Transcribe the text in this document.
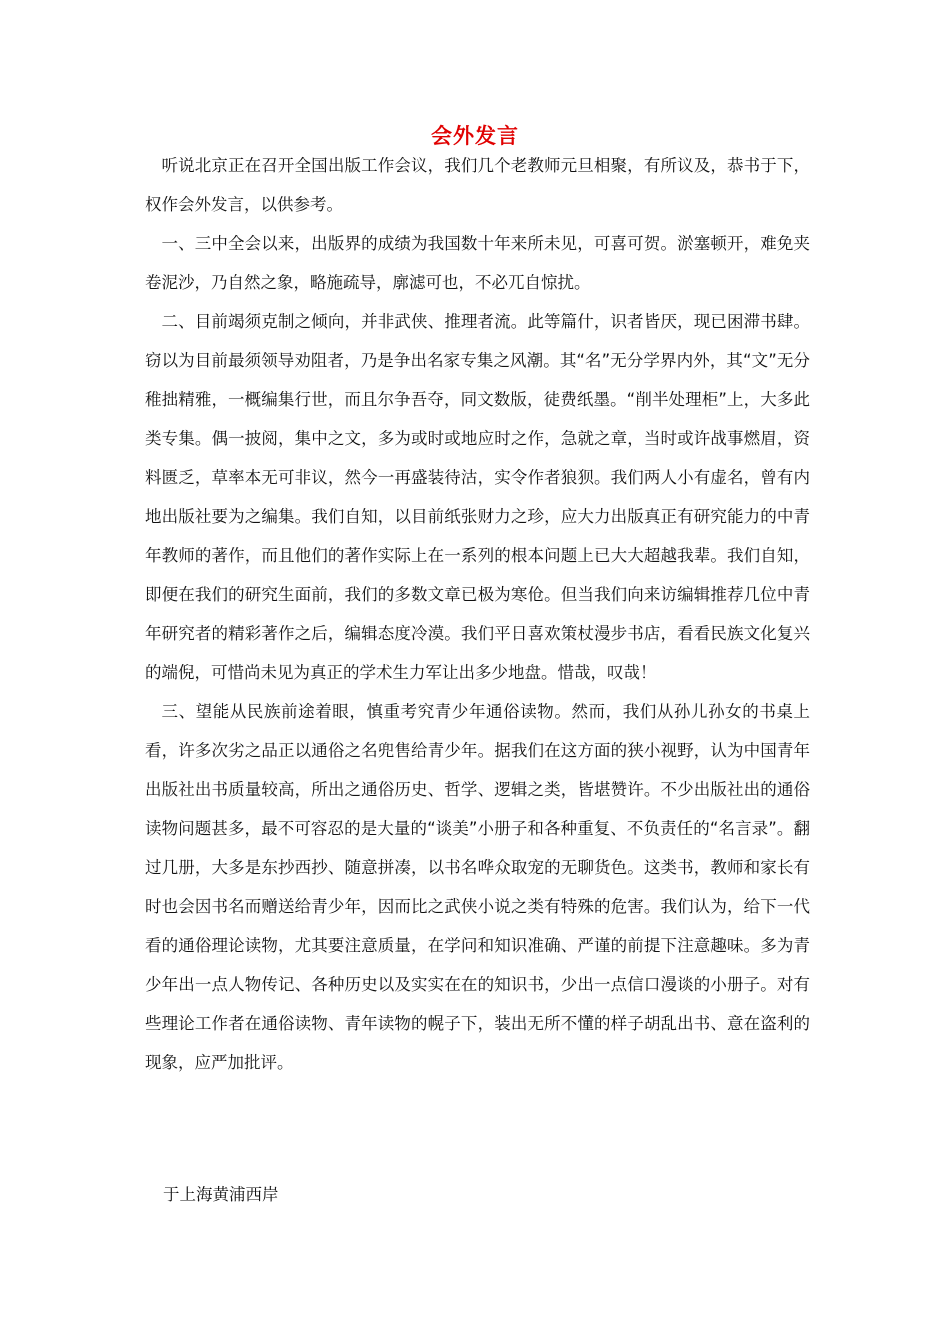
会外发言

听说北京正在召开全国出版工作会议，我们几个老教师元旦相聚，有所议及，恭书于下，权作会外发言，以供参考。

一、三中全会以来，出版界的成绩为我国数十年来所未见，可喜可贺。淤塞顿开，难免夹卷泥沙，乃自然之象，略施疏导，廓滤可也，不必兀自惊扰。

二、目前竭须克制之倾向，并非武侠、推理者流。此等篇什，识者皆厌，现已困滞书肆。窃以为目前最须领导劝阻者，乃是争出名家专集之风潮。其“名”无分学界内外，其“文”无分稚拙精雅，一概编集行世，而且尔争吾夺，同文数版，徒费纸墨。“削半处理柜”上，大多此类专集。偶一披阅，集中之文，多为或时或地应时之作，急就之章，当时或许战事燃眉，资料匮乏，草率本无可非议，然今一再盛装待沽，实令作者狼狈。我们两人小有虚名，曾有内地出版社要为之编集。我们自知，以目前纸张财力之珍，应大力出版真正有研究能力的中青年教师的著作，而且他们的著作实际上在一系列的根本问题上已大大超越我辈。我们自知，即便在我们的研究生面前，我们的多数文章已极为寒伧。但当我们向来访编辑推荐几位中青年研究者的精彩著作之后，编辑态度冷漠。我们平日喜欢策杖漫步书店，看看民族文化复兴的端倪，可惜尚未见为真正的学术生力军让出多少地盘。惜哉，叹哉！

三、望能从民族前途着眼，慎重考究青少年通俗读物。然而，我们从孙儿孙女的书桌上看，许多次劣之品正以通俗之名兜售给青少年。据我们在这方面的狭小视野，认为中国青年出版社出书质量较高，所出之通俗历史、哲学、逻辑之类，皆堪赞许。不少出版社出的通俗读物问题甚多，最不可容忍的是大量的“谈美”小册子和各种重复、不负责任的“名言录”。翻过几册，大多是东抄西抄、随意拼凑，以书名哗众取宠的无聊货色。这类书，教师和家长有时也会因书名而赠送给青少年，因而比之武侠小说之类有特殊的危害。我们认为，给下一代看的通俗理论读物，尤其要注意质量，在学问和知识准确、严谨的前提下注意趣味。多为青少年出一点人物传记、各种历史以及实实在在的知识书，少出一点信口漫谈的小册子。对有些理论工作者在通俗读物、青年读物的幌子下，装出无所不懂的样子胡乱出书、意在盗利的现象，应严加批评。

于上海黄浦西岸
